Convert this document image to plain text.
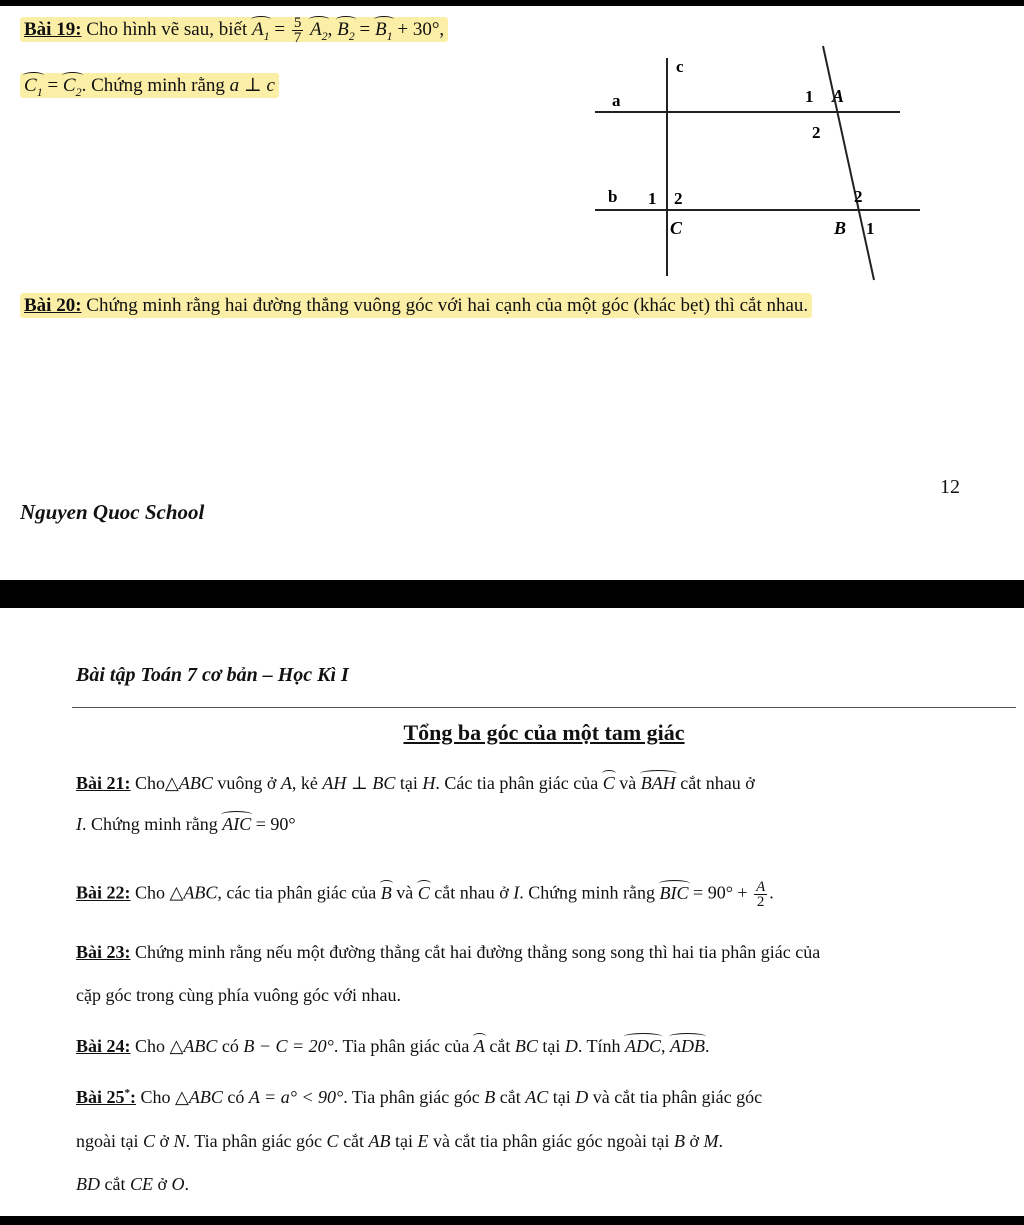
Bài 19: Cho hình vẽ sau, biết $A_1 = \frac{5}{7} A_2$, $B_2 = B_1 + 30^\circ$,
$C_1 = C_2$. Chứng minh rằng a ⊥ c
a
b
c
1 A
2
1 2
C
2
B 1
Bài 20: Chứng minh rằng hai đường thẳng vuông góc với hai cạnh của một góc (khác bẹt) thì cắt nhau.
12
Nguyen Quoc School
Bài tập Toán 7 cơ bản – Học Kì I
Tổng ba góc của một tam giác
Bài 21: Cho△ABC vuông ở A, kẻ AH ⊥ BC tại H. Các tia phân giác của C và BAH cắt nhau ở
I. Chứng minh rằng AIC = 90°
Bài 22: Cho △ABC, các tia phân giác của B và C cắt nhau ở I. Chứng minh rằng BIC = $90^\circ + \frac{A}{2}$ .
Bài 23: Chứng minh rằng nếu một đường thẳng cắt hai đường thẳng song song thì hai tia phân giác của
cặp góc trong cùng phía vuông góc với nhau.
Bài 24: Cho △ABC có B − C = 20°. Tia phân giác của A cắt BC tại D. Tính ADC, ADB.
Bài 25*: Cho △ABC có A = a° < 90°. Tia phân giác góc B cắt AC tại D và cắt tia phân giác góc
ngoài tại C ở N. Tia phân giác góc C cắt AB tại E và cắt tia phân giác góc ngoài tại B ở M.
BD cắt CE ở O.
